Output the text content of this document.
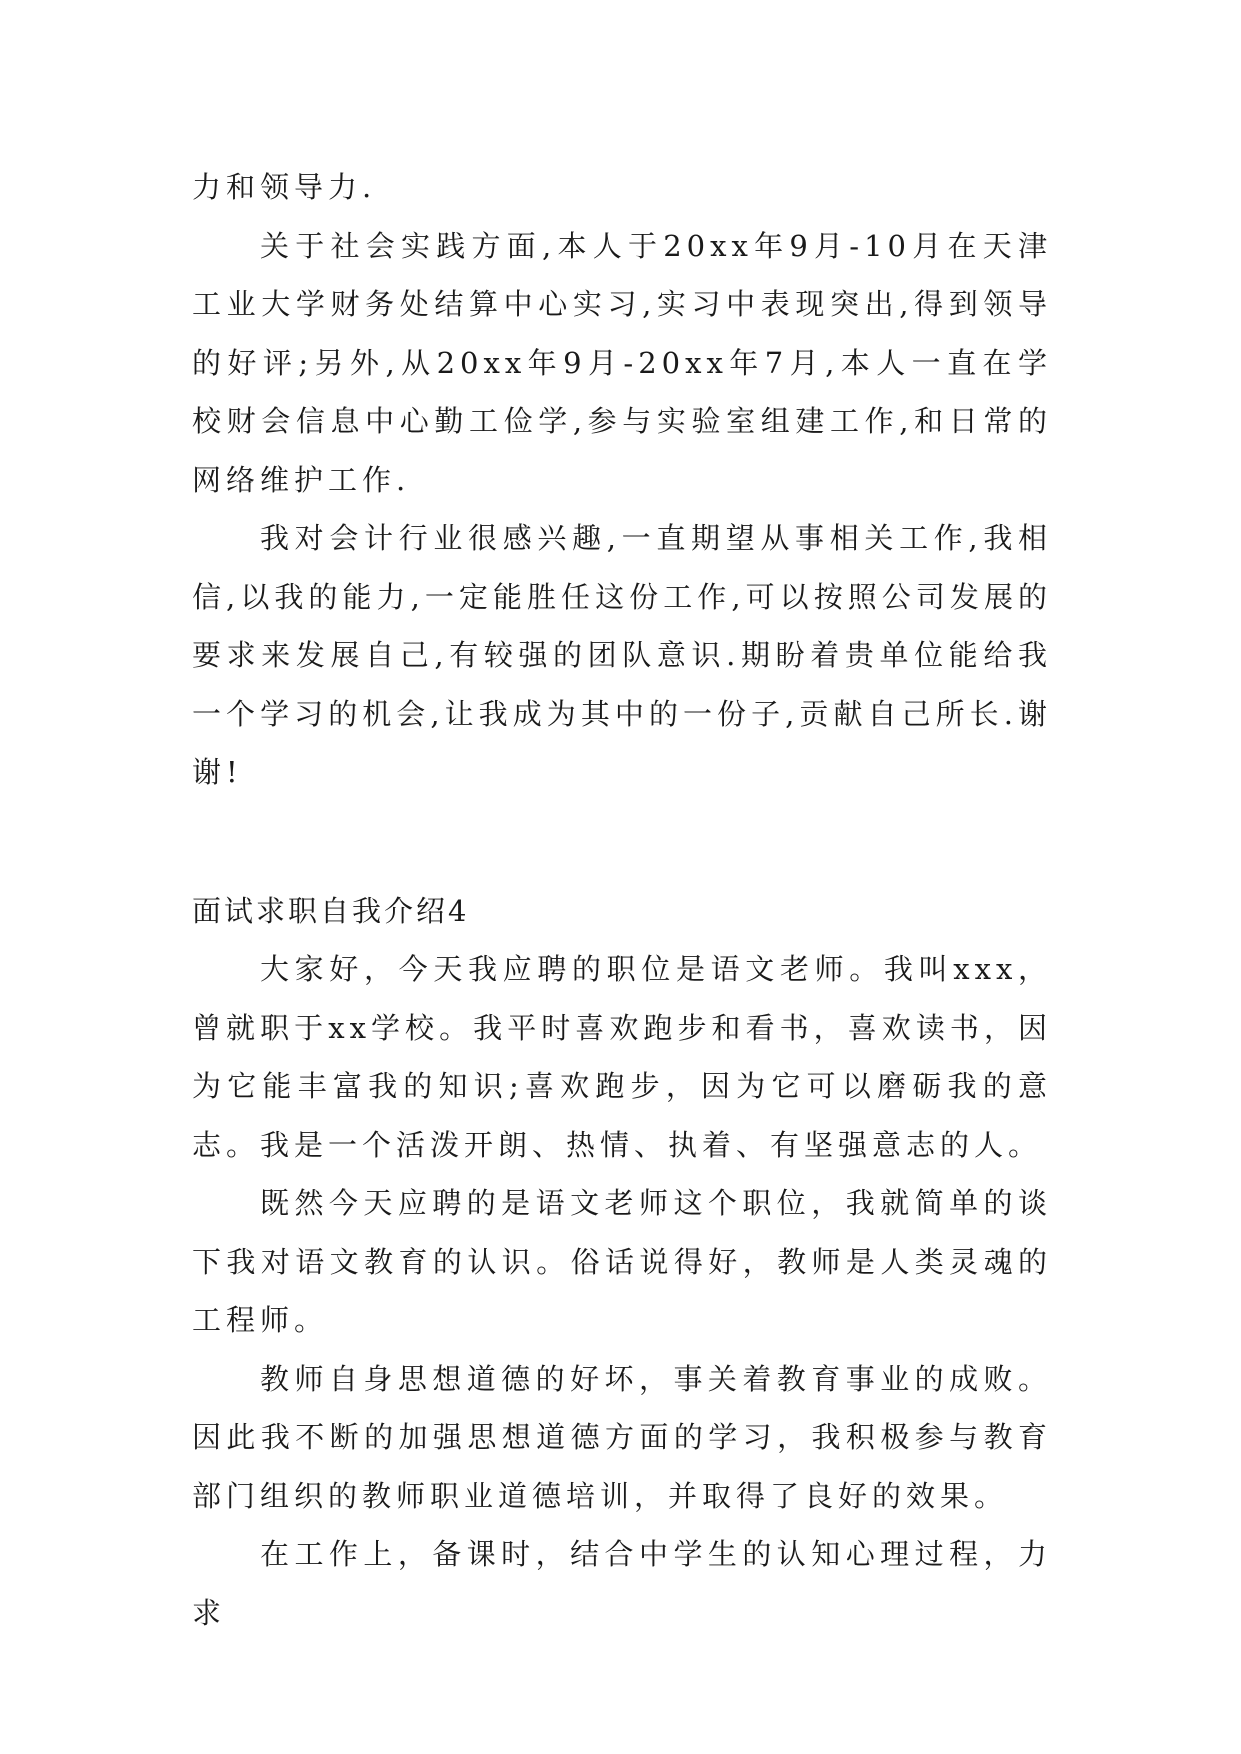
力和领导力.

关于社会实践方面,本人于20xx年9月-10月在天津工业大学财务处结算中心实习,实习中表现突出,得到领导的好评;另外,从20xx年9月-20xx年7月,本人一直在学校财会信息中心勤工俭学,参与实验室组建工作,和日常的网络维护工作.

我对会计行业很感兴趣,一直期望从事相关工作,我相信,以我的能力,一定能胜任这份工作,可以按照公司发展的要求来发展自己,有较强的团队意识.期盼着贵单位能给我一个学习的机会,让我成为其中的一份子,贡献自己所长.谢谢!

面试求职自我介绍4

大家好，今天我应聘的职位是语文老师。我叫xxx，曾就职于xx学校。我平时喜欢跑步和看书，喜欢读书，因为它能丰富我的知识;喜欢跑步，因为它可以磨砺我的意志。我是一个活泼开朗、热情、执着、有坚强意志的人。

既然今天应聘的是语文老师这个职位，我就简单的谈下我对语文教育的认识。俗话说得好，教师是人类灵魂的工程师。

教师自身思想道德的好坏，事关着教育事业的成败。因此我不断的加强思想道德方面的学习，我积极参与教育部门组织的教师职业道德培训，并取得了良好的效果。

在工作上，备课时，结合中学生的认知心理过程，力求
